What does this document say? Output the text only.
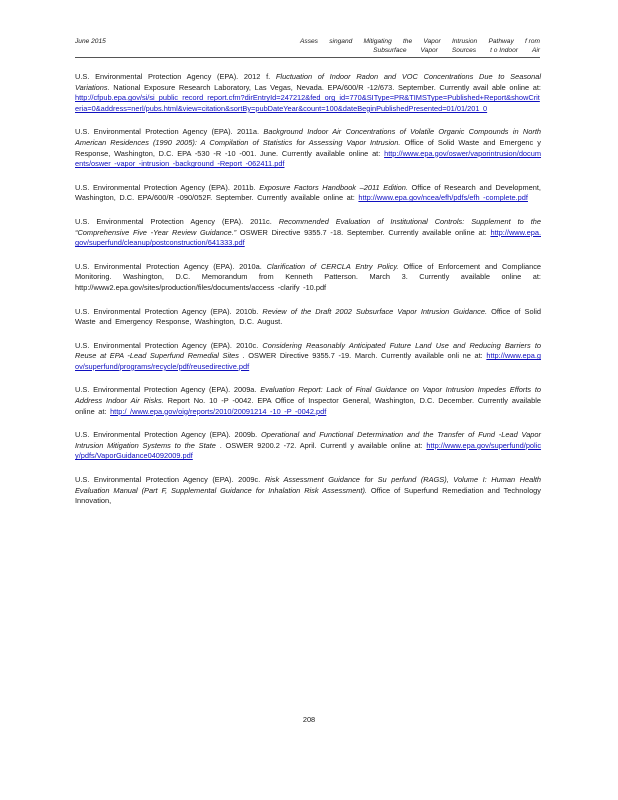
June 2015	Asses singand Mitigating the Vapor Intrusion Pathway f rom
Subsurface Vapor Sources t o Indoor Air

U.S. Environmental Protection Agency (EPA). 2012 f. Fluctuation of Indoor Radon and VOC Concentrations Due to Seasonal Variations. National Exposure Research Laboratory, Las Vegas, Nevada. EPA/600/R -12/673. September. Currently avail able online at: http://cfpub.epa.gov/si/si_public_record_report.cfm?dirEntryId=247212&fed_org_id=770&SIType=PR&TIMSType=Published+Report&showCriteria=0&address=nerl/pubs.html&view=citation&sortBy=pubDateYear&count=100&dateBeginPublishedPresented=01/01/201 0

U.S. Environmental Protection Agency (EPA). 2011a. Background Indoor Air Concentrations of Volatile Organic Compounds in North American Residences (1990 2005): A Compilation of Statistics for Assessing Vapor Intrusion. Office of Solid Waste and Emergenc y Response, Washington, D.C. EPA -530 -R -10 -001. June. Currently available online at: http://www.epa.gov/oswer/vaporintrusion/documents/oswer -vapor -intrusion -background -Report -062411.pdf

U.S. Environmental Protection Agency (EPA). 2011b. Exposure Factors Handbook –2011 Edition. Office of Research and Development, Washington, D.C. EPA/600/R -090/052F. September. Currently available online at: http://www.epa.gov/ncea/efh/pdfs/efh -complete.pdf

U.S. Environmental Protection Agency (EPA). 2011c. Recommended Evaluation of Institutional Controls: Supplement to the “Comprehensive Five -Year Review Guidance.” OSWER Directive 9355.7 -18. September. Currently available online at: http://www.epa.gov/superfund/cleanup/postconstruction/641333.pdf

U.S. Environmental Protection Agency (EPA). 2010a. Clarification of CERCLA Entry Policy. Office of Enforcement and Compliance Monitoring. Washington, D.C. Memorandum from Kenneth Patterson. March 3. Currently available online at: http://www2.epa.gov/sites/production/files/documents/access -clarify -10.pdf

U.S. Environmental Protection Agency (EPA). 2010b. Review of the Draft 2002 Subsurface Vapor Intrusion Guidance. Office of Solid Waste and Emergency Response, Washington, D.C. August.

U.S. Environmental Protection Agency (EPA). 2010c. Considering Reasonably Anticipated Future Land Use and Reducing Barriers to Reuse at EPA -Lead Superfund Remedial Sites . OSWER Directive 9355.7 -19. March. Currently available onli ne at: http://www.epa.gov/superfund/programs/recycle/pdf/reusedirective.pdf

U.S. Environmental Protection Agency (EPA). 2009a. Evaluation Report: Lack of Final Guidance on Vapor Intrusion Impedes Efforts to Address Indoor Air Risks. Report No. 10 -P -0042. EPA Office of Inspector General, Washington, D.C. December. Currently available online at: http:/ /www.epa.gov/oig/reports/2010/20091214 -10 -P -0042.pdf

U.S. Environmental Protection Agency (EPA). 2009b. Operational and Functional Determination and the Transfer of Fund -Lead Vapor Intrusion Mitigation Systems to the State . OSWER 9200.2 -72. April. Currentl y available online at: http://www.epa.gov/superfund/policy/pdfs/VaporGuidance04092009.pdf

U.S. Environmental Protection Agency (EPA). 2009c. Risk Assessment Guidance for Su perfund (RAGS), Volume I: Human Health Evaluation Manual (Part F, Supplemental Guidance for Inhalation Risk Assessment). Office of Superfund Remediation and Technology Innovation,

208
